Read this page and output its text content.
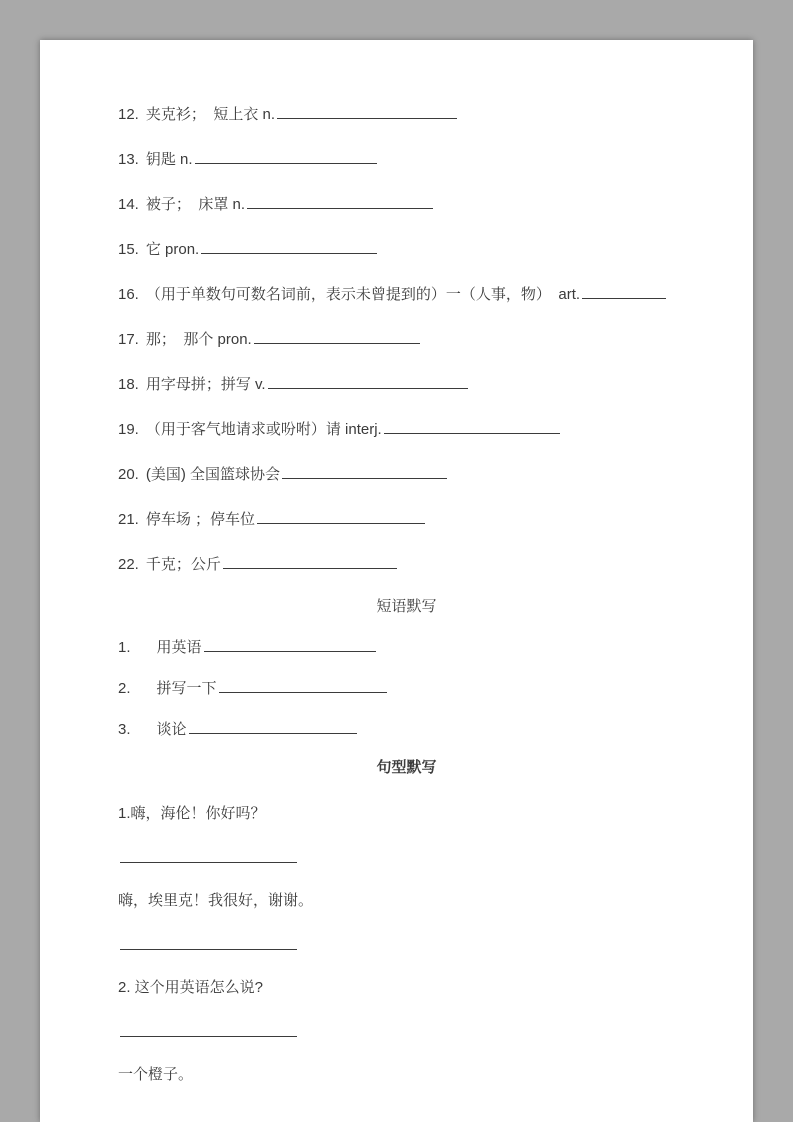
12. 夹克衫；　短上衣 n.
13. 钥匙 n.
14. 被子；　床罩 n.
15. 它 pron.
16. （用于单数句可数名词前，表示未曾提到的）一（人事，物）　art.
17. 那；　那个 pron.
18. 用字母拼；拼写 v.
19. （用于客气地请求或吩咐）请 interj.
20. (美国) 全国篮球协会
21. 停车场 ；停车位
22. 千克；公斤
短语默写
1. 用英语
2. 拼写一下
3. 谈论
句型默写
1.嗨，海伦！你好吗？
嗨，埃里克！我很好，谢谢。
2. 这个用英语怎么说?
一个橙子。
